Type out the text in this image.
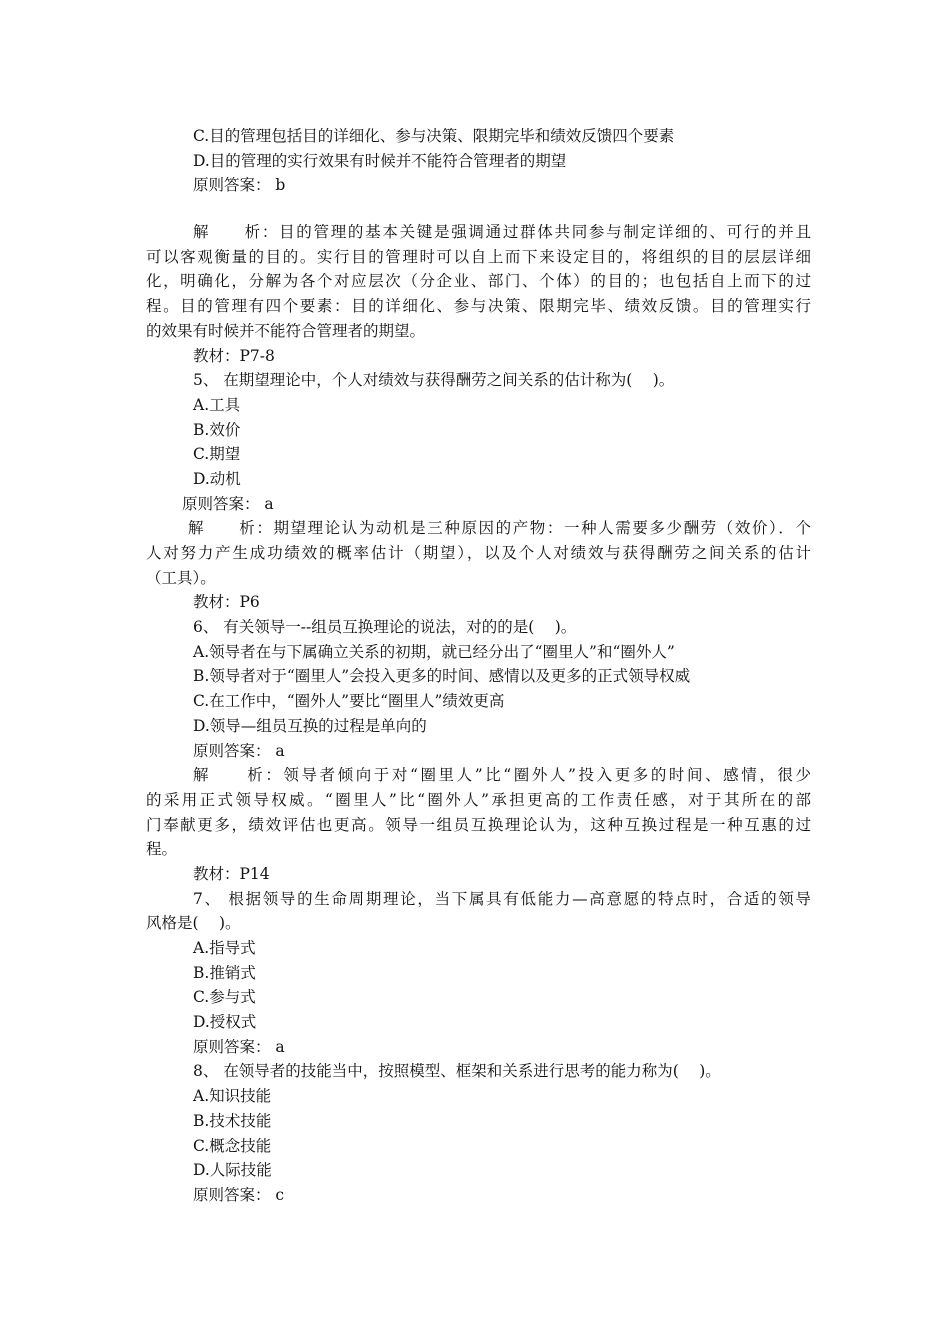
C.目的管理包括目的详细化、参与决策、限期完毕和绩效反馈四个要素
D.目的管理的实行效果有时候并不能符合管理者的期望
原则答案： b
解　　析：目的管理的基本关键是强调通过群体共同参与制定详细的、可行的并且
可以客观衡量的目的。实行目的管理时可以自上而下来设定目的，将组织的目的层层详细
化，明确化，分解为各个对应层次（分企业、部门、个体）的目的；也包括自上而下的过
程。目的管理有四个要素：目的详细化、参与决策、限期完毕、绩效反馈。目的管理实行
的效果有时候并不能符合管理者的期望。
教材：P7-8
5、 在期望理论中，个人对绩效与获得酬劳之间关系的估计称为(　 )。
A.工具
B.效价
C.期望
D.动机
原则答案： a
解　　析：期望理论认为动机是三种原因的产物：一种人需要多少酬劳（效价）．个
人对努力产生成功绩效的概率估计（期望），以及个人对绩效与获得酬劳之间关系的估计
（工具）。
教材：P6
6、 有关领导一--组员互换理论的说法，对的的是(　 )。
A.领导者在与下属确立关系的初期，就已经分出了“圈里人”和“圈外人”
B.领导者对于“圈里人”会投入更多的时间、感情以及更多的正式领导权威
C.在工作中，“圈外人”要比“圈里人”绩效更高
D.领导—组员互换的过程是单向的
原则答案： a
解　　析：领导者倾向于对“圈里人”比“圈外人”投入更多的时间、感情，很少
的采用正式领导权威。“圈里人”比“圈外人”承担更高的工作责任感，对于其所在的部
门奉献更多，绩效评估也更高。领导一组员互换理论认为，这种互换过程是一种互惠的过
程。
教材：P14
7、 根据领导的生命周期理论，当下属具有低能力—高意愿的特点时，合适的领导
风格是(　 )。
A.指导式
B.推销式
C.参与式
D.授权式
原则答案： a
8、 在领导者的技能当中，按照模型、框架和关系进行思考的能力称为(　 )。
A.知识技能
B.技术技能
C.概念技能
D.人际技能
原则答案： c
